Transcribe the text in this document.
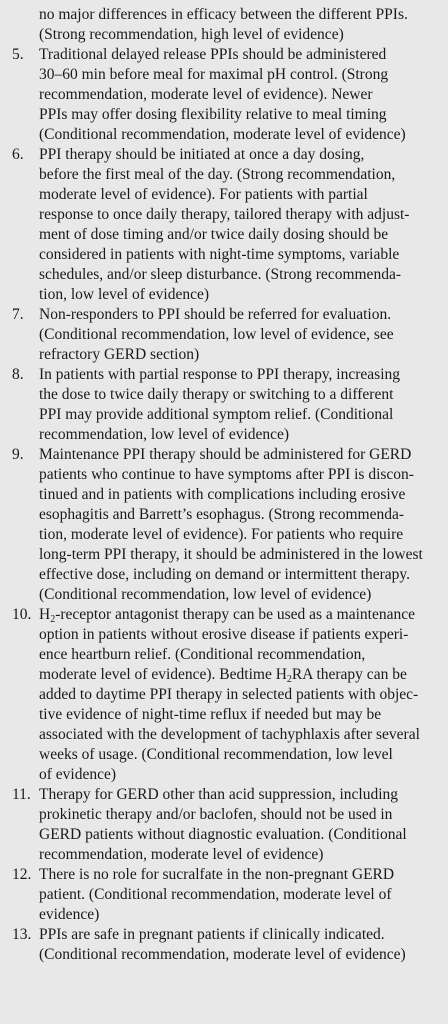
no major differences in efficacy between the different PPIs.
(Strong recommendation, high level of evidence)
5. Traditional delayed release PPIs should be administered
30–60 min before meal for maximal pH control. (Strong
recommendation, moderate level of evidence). Newer
PPIs may offer dosing flexibility relative to meal timing
(Conditional recommendation, moderate level of evidence)
6. PPI therapy should be initiated at once a day dosing,
before the first meal of the day. (Strong recommendation,
moderate level of evidence). For patients with partial
response to once daily therapy, tailored therapy with adjust-
ment of dose timing and/or twice daily dosing should be
considered in patients with night-time symptoms, variable
schedules, and/or sleep disturbance. (Strong recommenda-
tion, low level of evidence)
7. Non-responders to PPI should be referred for evaluation.
(Conditional recommendation, low level of evidence, see
refractory GERD section)
8. In patients with partial response to PPI therapy, increasing
the dose to twice daily therapy or switching to a different
PPI may provide additional symptom relief. (Conditional
recommendation, low level of evidence)
9. Maintenance PPI therapy should be administered for GERD
patients who continue to have symptoms after PPI is discon-
tinued and in patients with complications including erosive
esophagitis and Barrett’s esophagus. (Strong recommenda-
tion, moderate level of evidence). For patients who require
long-term PPI therapy, it should be administered in the lowest
effective dose, including on demand or intermittent therapy.
(Conditional recommendation, low level of evidence)
10. $H_2$-receptor antagonist therapy can be used as a maintenance
option in patients without erosive disease if patients experi-
ence heartburn relief. (Conditional recommendation,
moderate level of evidence). Bedtime $H_2RA$ therapy can be
added to daytime PPI therapy in selected patients with objec-
tive evidence of night-time reflux if needed but may be
associated with the development of tachyphlaxis after several
weeks of usage. (Conditional recommendation, low level
of evidence)
11. Therapy for GERD other than acid suppression, including
prokinetic therapy and/or baclofen, should not be used in
GERD patients without diagnostic evaluation. (Conditional
recommendation, moderate level of evidence)
12. There is no role for sucralfate in the non-pregnant GERD
patient. (Conditional recommendation, moderate level of
evidence)
13. PPIs are safe in pregnant patients if clinically indicated.
(Conditional recommendation, moderate level of evidence)
